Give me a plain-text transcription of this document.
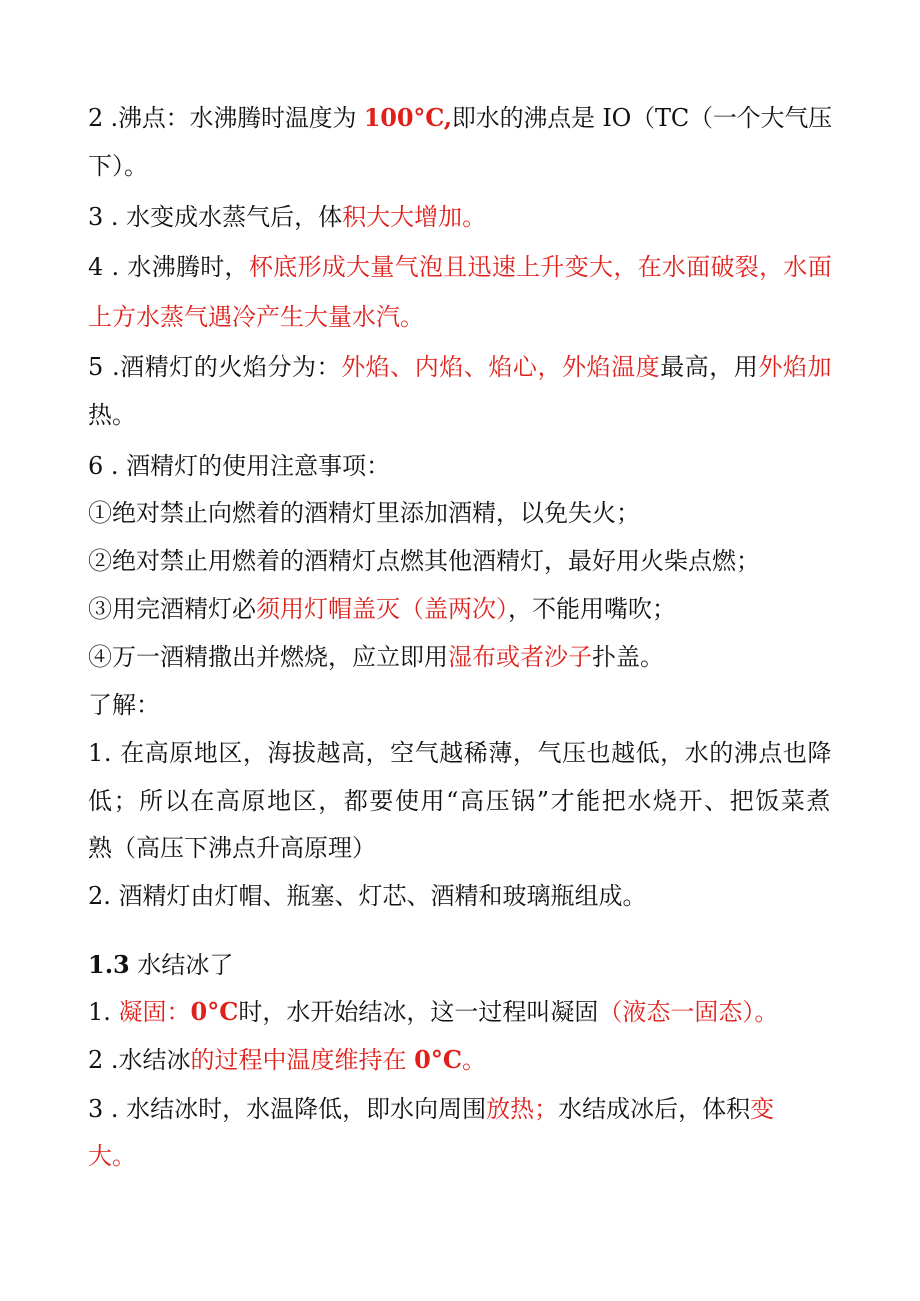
2 .沸点：水沸腾时温度为 100°C,即水的沸点是 IO（TC（一个大气压
下）。
3 . 水变成水蒸气后，体积大大增加。
4 . 水沸腾时，杯底形成大量气泡且迅速上升变大，在水面破裂，水面
上方水蒸气遇冷产生大量水汽。
5 .酒精灯的火焰分为：外焰、内焰、焰心，外焰温度最高，用外焰加
热。
6 . 酒精灯的使用注意事项：
①绝对禁止向燃着的酒精灯里添加酒精，以免失火；
②绝对禁止用燃着的酒精灯点燃其他酒精灯，最好用火柴点燃；
③用完酒精灯必须用灯帽盖灭（盖两次），不能用嘴吹；
④万一酒精撒出并燃烧，应立即用湿布或者沙子扑盖。
了解：
1. 在高原地区，海拔越高，空气越稀薄，气压也越低，水的沸点也降
低；所以在高原地区，都要使用“高压锅”才能把水烧开、把饭菜煮
熟（高压下沸点升高原理）
2. 酒精灯由灯帽、瓶塞、灯芯、酒精和玻璃瓶组成。
1.3 水结冰了
1. 凝固：0°C时，水开始结冰，这一过程叫凝固（液态一固态）。
2 .水结冰的过程中温度维持在 0°C。
3 . 水结冰时，水温降低，即水向周围放热；水结成冰后，体积变
大。
